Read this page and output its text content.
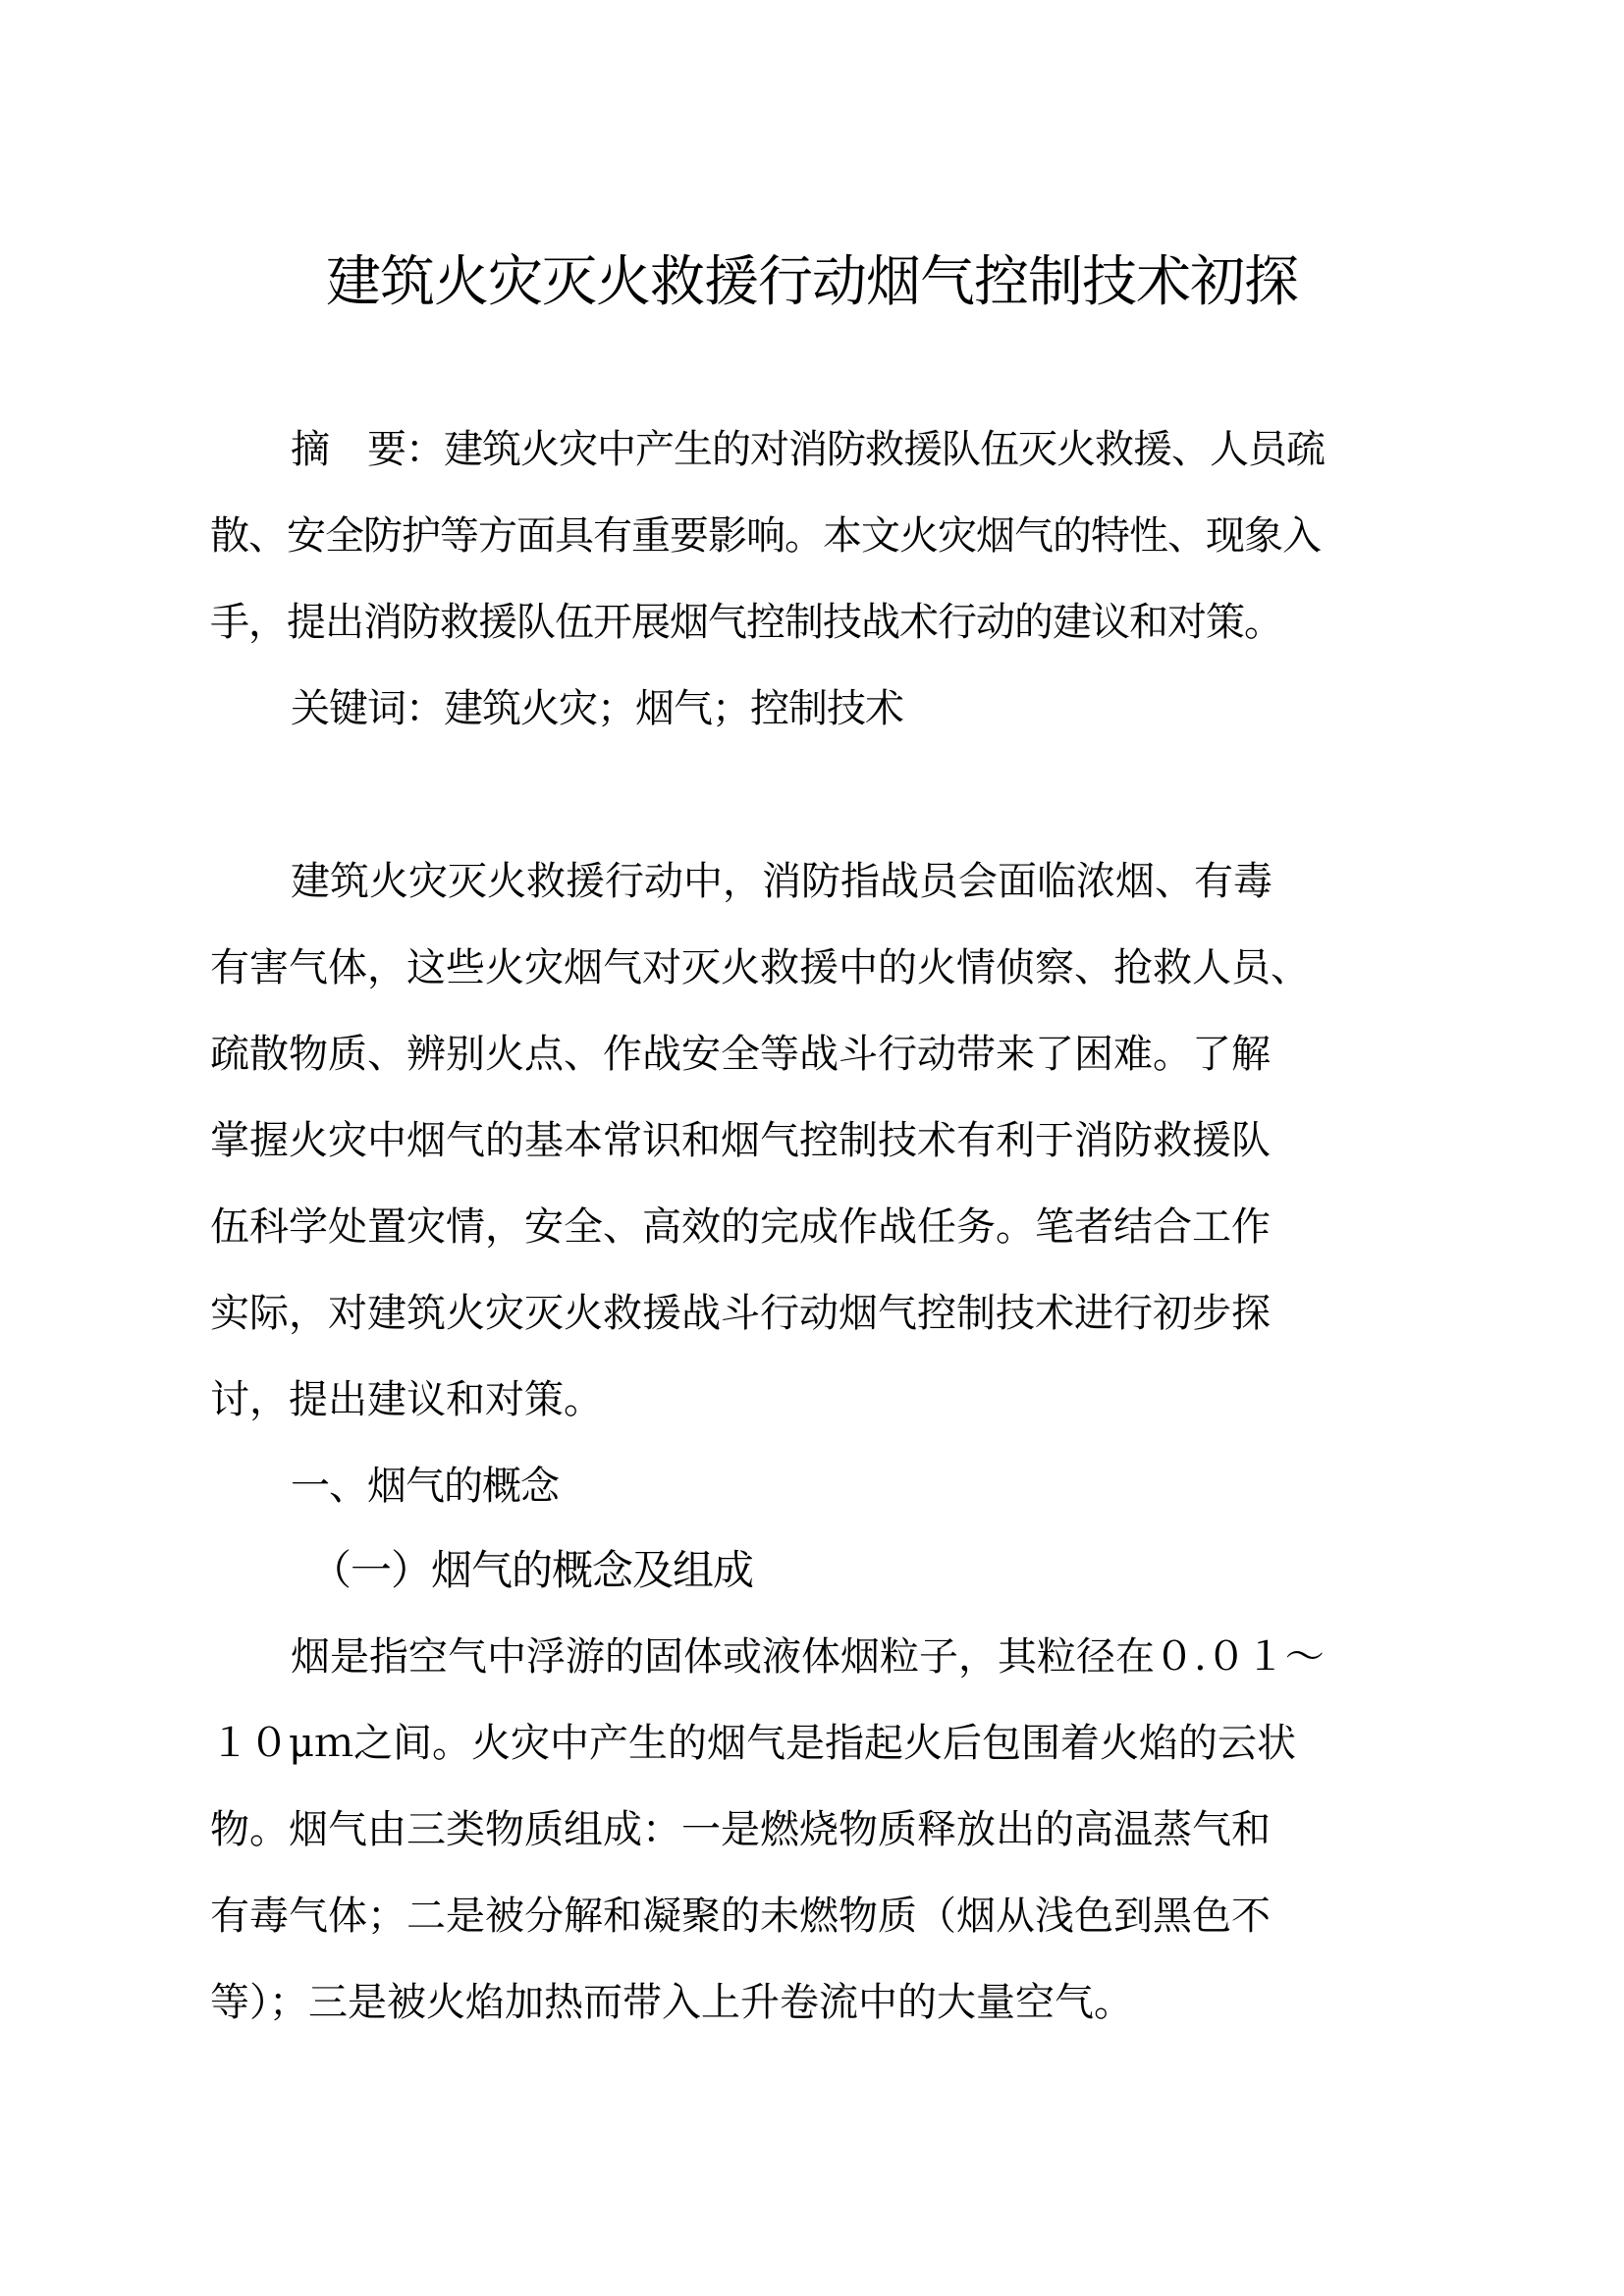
建筑火灾灭火救援行动烟气控制技术初探
摘　要：建筑火灾中产生的对消防救援队伍灭火救援、人员疏
散、安全防护等方面具有重要影响。本文火灾烟气的特性、现象入
手，提出消防救援队伍开展烟气控制技战术行动的建议和对策。
关键词：建筑火灾；烟气；控制技术
建筑火灾灭火救援行动中，消防指战员会面临浓烟、有毒
有害气体，这些火灾烟气对灭火救援中的火情侦察、抢救人员、
疏散物质、辨别火点、作战安全等战斗行动带来了困难。了解
掌握火灾中烟气的基本常识和烟气控制技术有利于消防救援队
伍科学处置灾情，安全、高效的完成作战任务。笔者结合工作
实际，对建筑火灾灭火救援战斗行动烟气控制技术进行初步探
讨，提出建议和对策。
一、烟气的概念
（一）烟气的概念及组成
烟是指空气中浮游的固体或液体烟粒子，其粒径在０.０１～
１０μｍ之间。火灾中产生的烟气是指起火后包围着火焰的云状
物。烟气由三类物质组成：一是燃烧物质释放出的高温蒸气和
有毒气体；二是被分解和凝聚的未燃物质（烟从浅色到黑色不
等）；三是被火焰加热而带入上升卷流中的大量空气。
